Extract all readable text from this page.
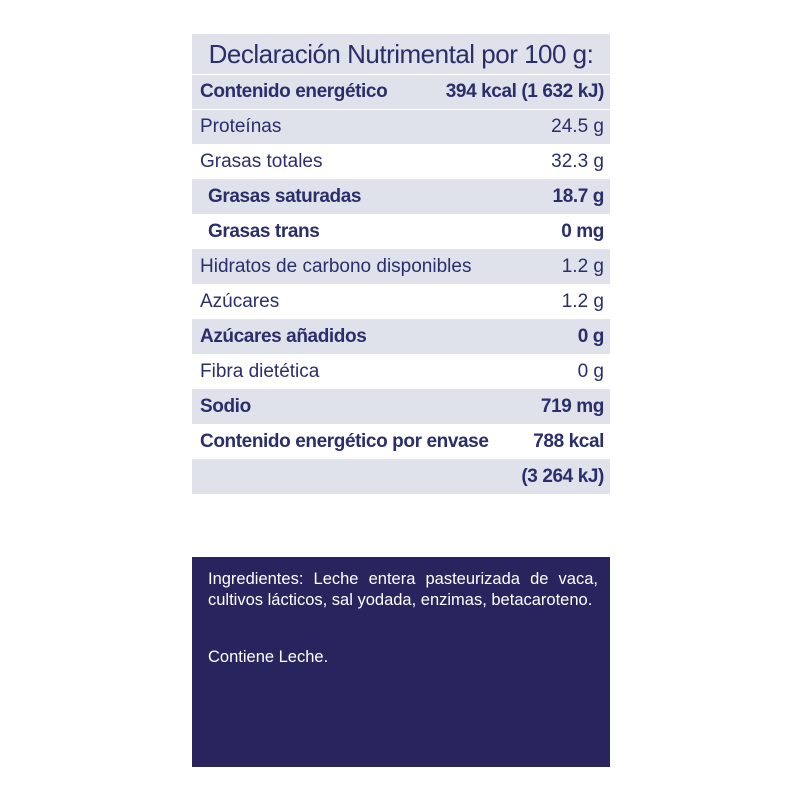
Declaración Nutrimental por 100 g:
Contenido energético	394 kcal (1 632 kJ)
Proteínas	24.5 g
Grasas totales	32.3 g
Grasas saturadas	18.7 g
Grasas trans	0 mg
Hidratos de carbono disponibles	1.2 g
Azúcares	1.2 g
Azúcares añadidos	0 g
Fibra dietética	0 g
Sodio	719 mg
Contenido energético por envase 788 kcal
(3 264 kJ)

Ingredientes: Leche entera pasteurizada de vaca, cultivos lácticos, sal yodada, enzimas, betacaroteno.

Contiene Leche.
